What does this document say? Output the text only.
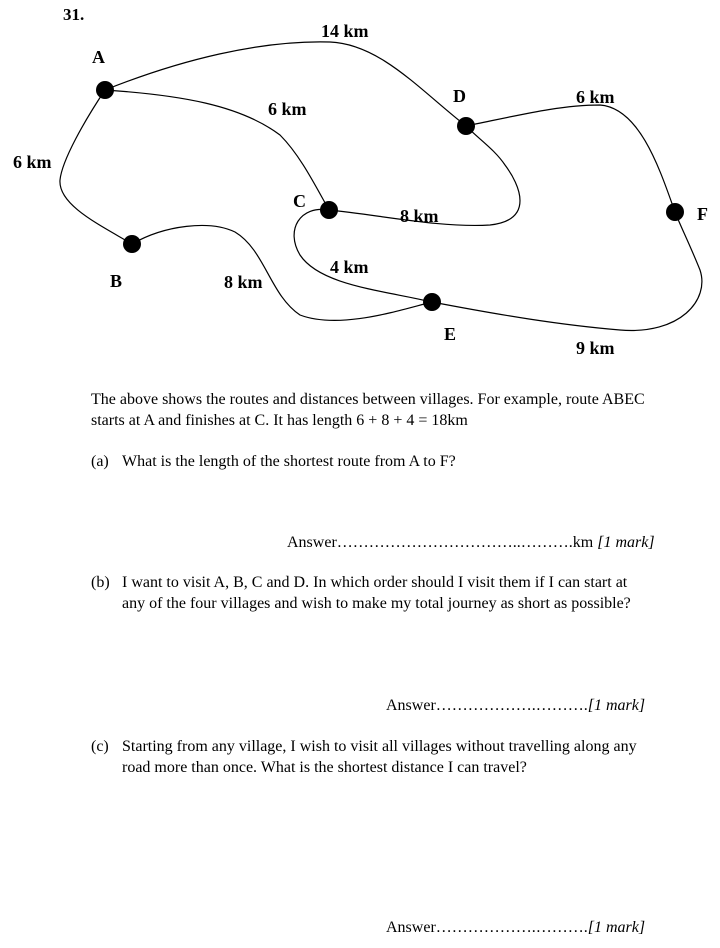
31.
A
B
C
D
E
F
14 km
6 km
6 km
6 km
8 km
4 km
8 km
9 km
The above shows the routes and distances between villages. For example, route ABEC starts at A and finishes at C. It has length 6 + 8 + 4 = 18km
(a) What is the length of the shortest route from A to F?
Answer……………………………..……….km [1 mark]
(b) I want to visit A, B, C and D. In which order should I visit them if I can start at any of the four villages and wish to make my total journey as short as possible?
Answer……………….……….[1 mark]
(c) Starting from any village, I wish to visit all villages without travelling along any road more than once. What is the shortest distance I can travel?
Answer……………….……….[1 mark]
